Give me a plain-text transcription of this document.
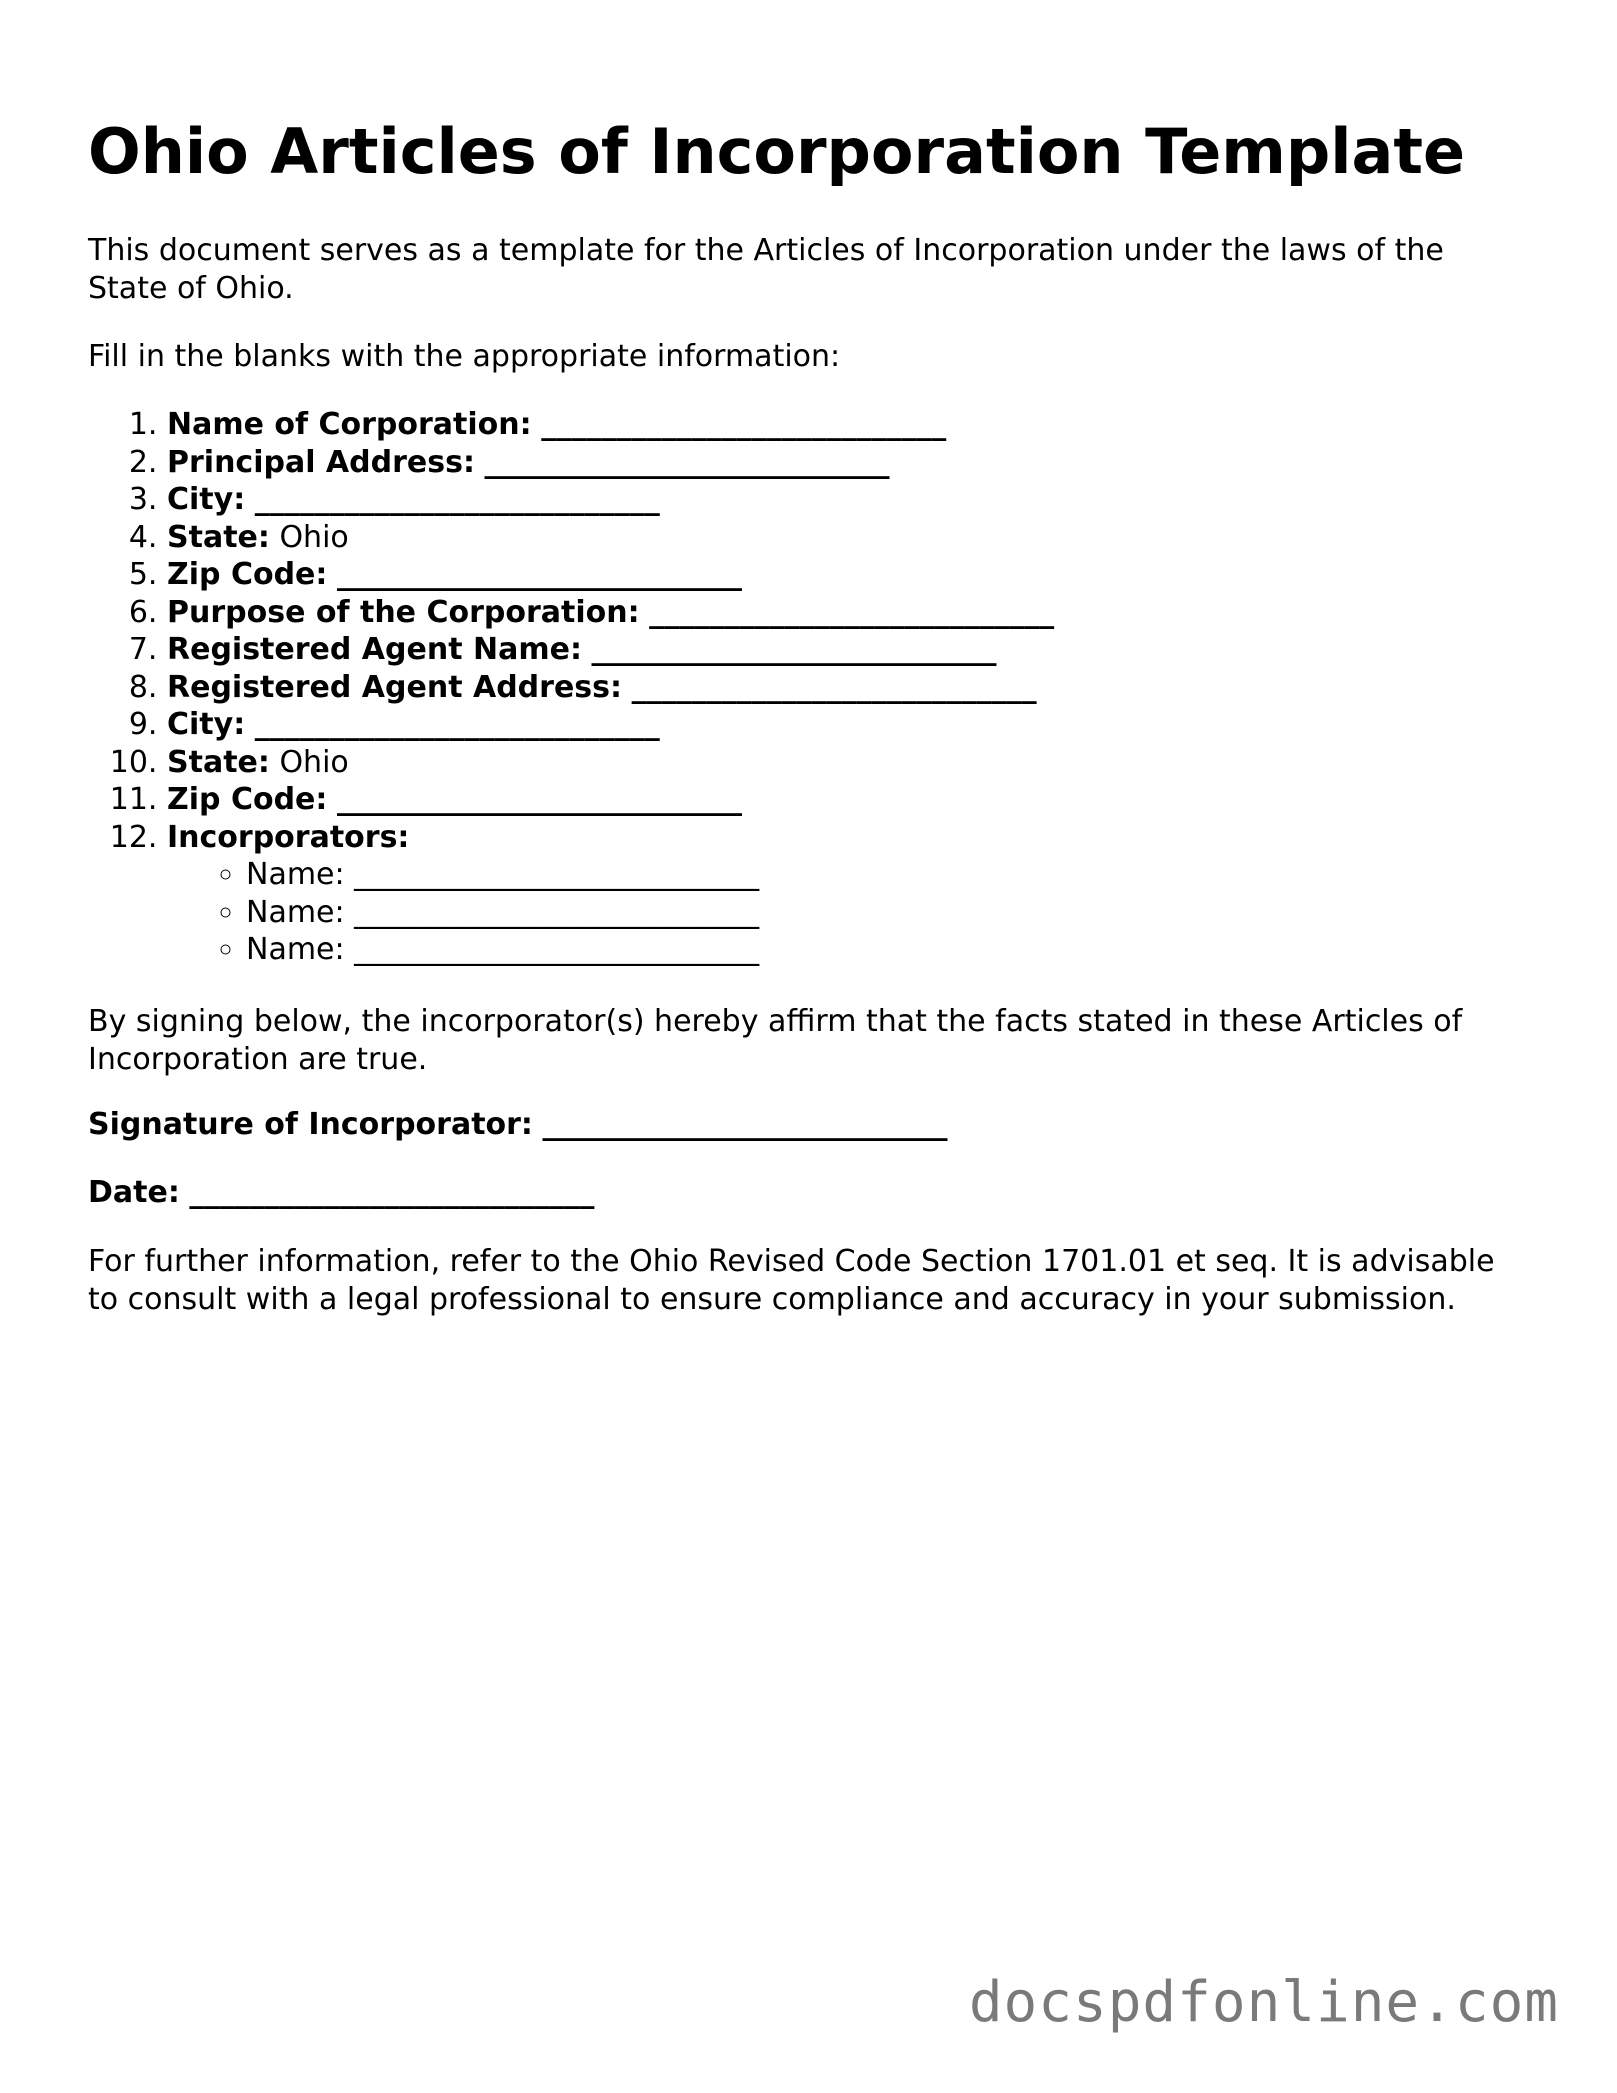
Ohio Articles of Incorporation Template

This document serves as a template for the Articles of Incorporation under the laws of the State of Ohio.

Fill in the blanks with the appropriate information:

1. Name of Corporation: ___________________________
2. Principal Address: ___________________________
3. City: ___________________________
4. State: Ohio
5. Zip Code: ___________________________
6. Purpose of the Corporation: ___________________________
7. Registered Agent Name: ___________________________
8. Registered Agent Address: ___________________________
9. City: ___________________________
10. State: Ohio
11. Zip Code: ___________________________
12. Incorporators:
◦ Name: ___________________________
◦ Name: ___________________________
◦ Name: ___________________________

By signing below, the incorporator(s) hereby affirm that the facts stated in these Articles of Incorporation are true.

Signature of Incorporator: ___________________________
Date: ___________________________

For further information, refer to the Ohio Revised Code Section 1701.01 et seq. It is advisable to consult with a legal professional to ensure compliance and accuracy in your submission.

docspdfonline.com
